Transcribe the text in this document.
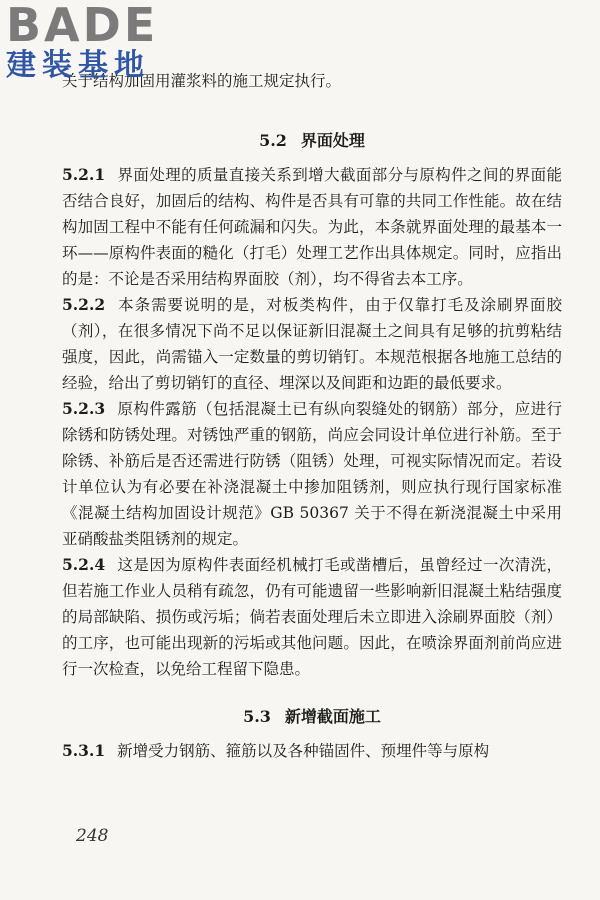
BADE
建装基地

关于结构加固用灌浆料的施工规定执行。

5.2 界面处理

5.2.1 界面处理的质量直接关系到增大截面部分与原构件之间的界面能否结合良好，加固后的结构、构件是否具有可靠的共同工作性能。故在结构加固工程中不能有任何疏漏和闪失。为此，本条就界面处理的最基本一环——原构件表面的糙化（打毛）处理工艺作出具体规定。同时，应指出的是：不论是否采用结构界面胶（剂），均不得省去本工序。

5.2.2 本条需要说明的是，对板类构件，由于仅靠打毛及涂刷界面胶（剂），在很多情况下尚不足以保证新旧混凝土之间具有足够的抗剪粘结强度，因此，尚需锚入一定数量的剪切销钉。本规范根据各地施工总结的经验，给出了剪切销钉的直径、埋深以及间距和边距的最低要求。

5.2.3 原构件露筋（包括混凝土已有纵向裂缝处的钢筋）部分，应进行除锈和防锈处理。对锈蚀严重的钢筋，尚应会同设计单位进行补筋。至于除锈、补筋后是否还需进行防锈（阻锈）处理，可视实际情况而定。若设计单位认为有必要在补浇混凝土中掺加阻锈剂，则应执行现行国家标准《混凝土结构加固设计规范》GB 50367 关于不得在新浇混凝土中采用亚硝酸盐类阻锈剂的规定。

5.2.4 这是因为原构件表面经机械打毛或凿槽后，虽曾经过一次清洗，但若施工作业人员稍有疏忽，仍有可能遗留一些影响新旧混凝土粘结强度的局部缺陷、损伤或污垢；倘若表面处理后未立即进入涂刷界面胶（剂）的工序，也可能出现新的污垢或其他问题。因此，在喷涂界面剂前尚应进行一次检查，以免给工程留下隐患。

5.3 新增截面施工

5.3.1 新增受力钢筋、箍筋以及各种锚固件、预埋件等与原构

248
